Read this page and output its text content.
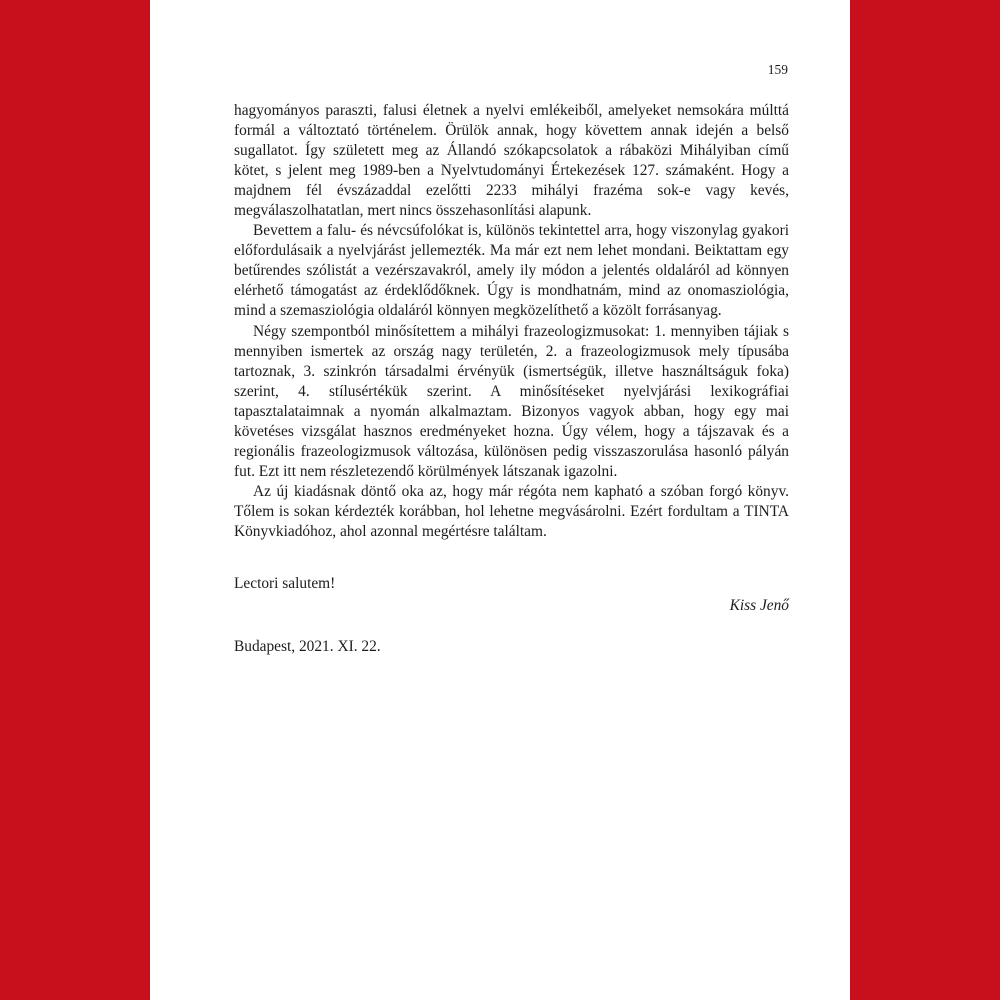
159

hagyományos paraszti, falusi életnek a nyelvi emlékeiből, amelyeket nemsokára múlttá formál a változtató történelem. Örülök annak, hogy követtem annak idején a belső sugallatot. Így született meg az Állandó szókapcsolatok a rábaközi Mihályiban című kötet, s jelent meg 1989-ben a Nyelvtudományi Értekezések 127. számaként. Hogy a majdnem fél évszázaddal ezelőtti 2233 mihályi frazéma sok-e vagy kevés, megválaszolhatatlan, mert nincs összehasonlítási alapunk.

Bevettem a falu- és névcsúfolókat is, különös tekintettel arra, hogy viszonylag gyakori előfordulásaik a nyelvjárást jellemezték. Ma már ezt nem lehet mondani. Beiktattam egy betűrendes szólistát a vezérszavakról, amely ily módon a jelentés oldaláról ad könnyen elérhető támogatást az érdeklődőknek. Úgy is mondhatnám, mind az onomasziológia, mind a szemasziológia oldaláról könnyen megközelíthető a közölt forrásanyag.

Négy szempontból minősítettem a mihályi frazeologizmusokat: 1. mennyiben tájiak s mennyiben ismertek az ország nagy területén, 2. a frazeologizmusok mely típusába tartoznak, 3. szinkrón társadalmi érvényük (ismertségük, illetve használtságuk foka) szerint, 4. stílusértékük szerint. A minősítéseket nyelvjárási lexikográfiai tapasztalataimnak a nyomán alkalmaztam. Bizonyos vagyok abban, hogy egy mai követéses vizsgálat hasznos eredményeket hozna. Úgy vélem, hogy a tájszavak és a regionális frazeologizmusok változása, különösen pedig visszaszorulása hasonló pályán fut. Ezt itt nem részletezendő körülmények látszanak igazolni.

Az új kiadásnak döntő oka az, hogy már régóta nem kapható a szóban forgó könyv. Tőlem is sokan kérdezték korábban, hol lehetne megvásárolni. Ezért fordultam a TINTA Könyvkiadóhoz, ahol azonnal megértésre találtam.

Lectori salutem!

Kiss Jenő

Budapest, 2021. XI. 22.
